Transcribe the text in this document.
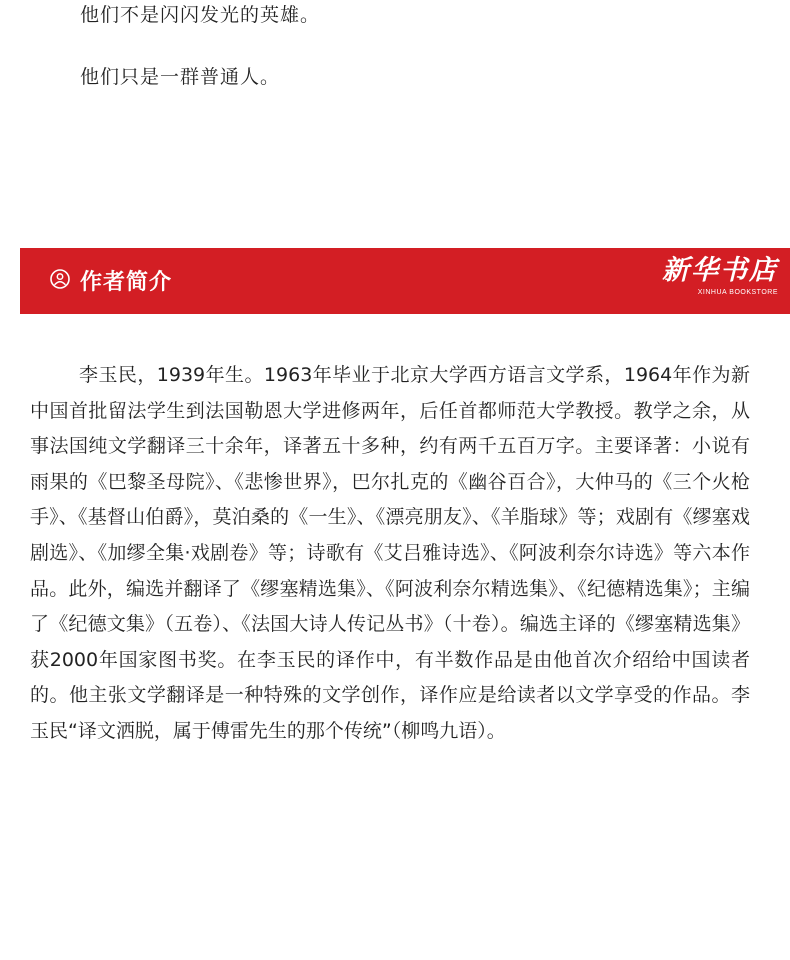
他们不是闪闪发光的英雄。
他们只是一群普通人。
作者简介	新华书店
XINHUA BOOKSTORE

李玉民，1939年生。1963年毕业于北京大学西方语言文学系，1964年作为新中国首批留法学生到法国勒恩大学进修两年，后任首都师范大学教授。教学之余，从事法国纯文学翻译三十余年，译著五十多种，约有两千五百万字。主要译著：小说有雨果的《巴黎圣母院》、《悲惨世界》，巴尔扎克的《幽谷百合》，大仲马的《三个火枪手》、《基督山伯爵》，莫泊桑的《一生》、《漂亮朋友》、《羊脂球》等；戏剧有《缪塞戏剧选》、《加缪全集·戏剧卷》等；诗歌有《艾吕雅诗选》、《阿波利奈尔诗选》等六本作品。此外，编选并翻译了《缪塞精选集》、《阿波利奈尔精选集》、《纪德精选集》；主编了《纪德文集》（五卷）、《法国大诗人传记丛书》（十卷）。编选主译的《缪塞精选集》获2000年国家图书奖。在李玉民的译作中，有半数作品是由他首次介绍给中国读者的。他主张文学翻译是一种特殊的文学创作，译作应是给读者以文学享受的作品。李玉民“译文洒脱，属于傅雷先生的那个传统”（柳鸣九语）。
